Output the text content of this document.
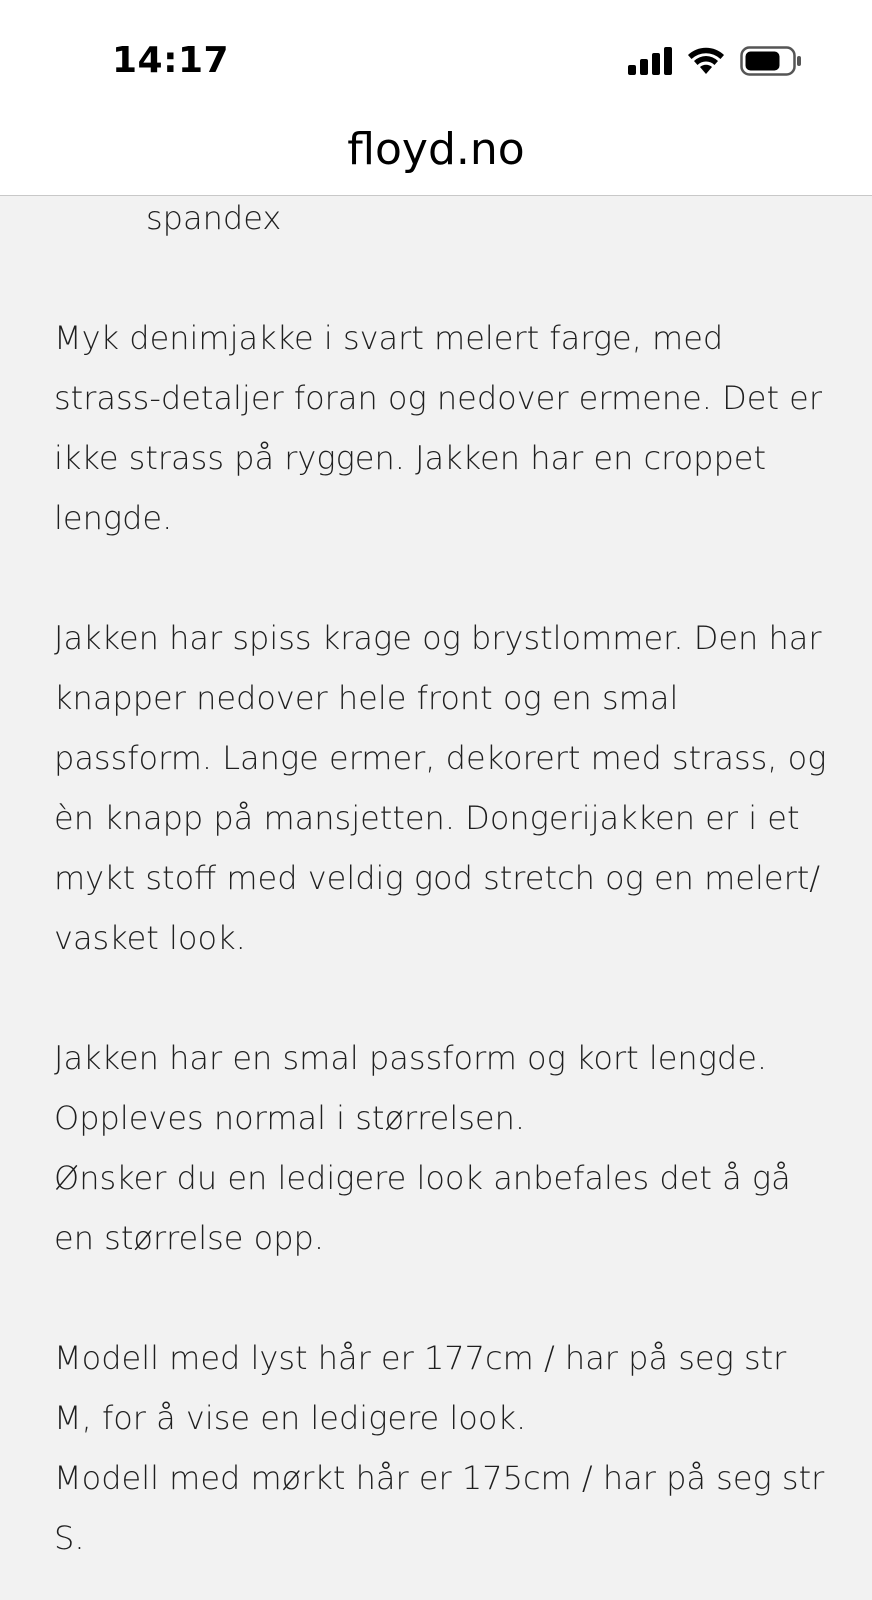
14:17
floyd.no
spandex

Myk denimjakke i svart melert farge, med strass-detaljer foran og nedover ermene. Det er ikke strass på ryggen. Jakken har en croppet lengde.

Jakken har spiss krage og brystlommer. Den har knapper nedover hele front og en smal passform. Lange ermer, dekorert med strass, og èn knapp på mansjetten. Dongerijakken er i et mykt stoff med veldig god stretch og en melert/ vasket look.

Jakken har en smal passform og kort lengde.

Oppleves normal i størrelsen.

Ønsker du en ledigere look anbefales det å gå en størrelse opp.

Modell med lyst hår er 177cm / har på seg str M, for å vise en ledigere look.

Modell med mørkt hår er 175cm / har på seg str S.
